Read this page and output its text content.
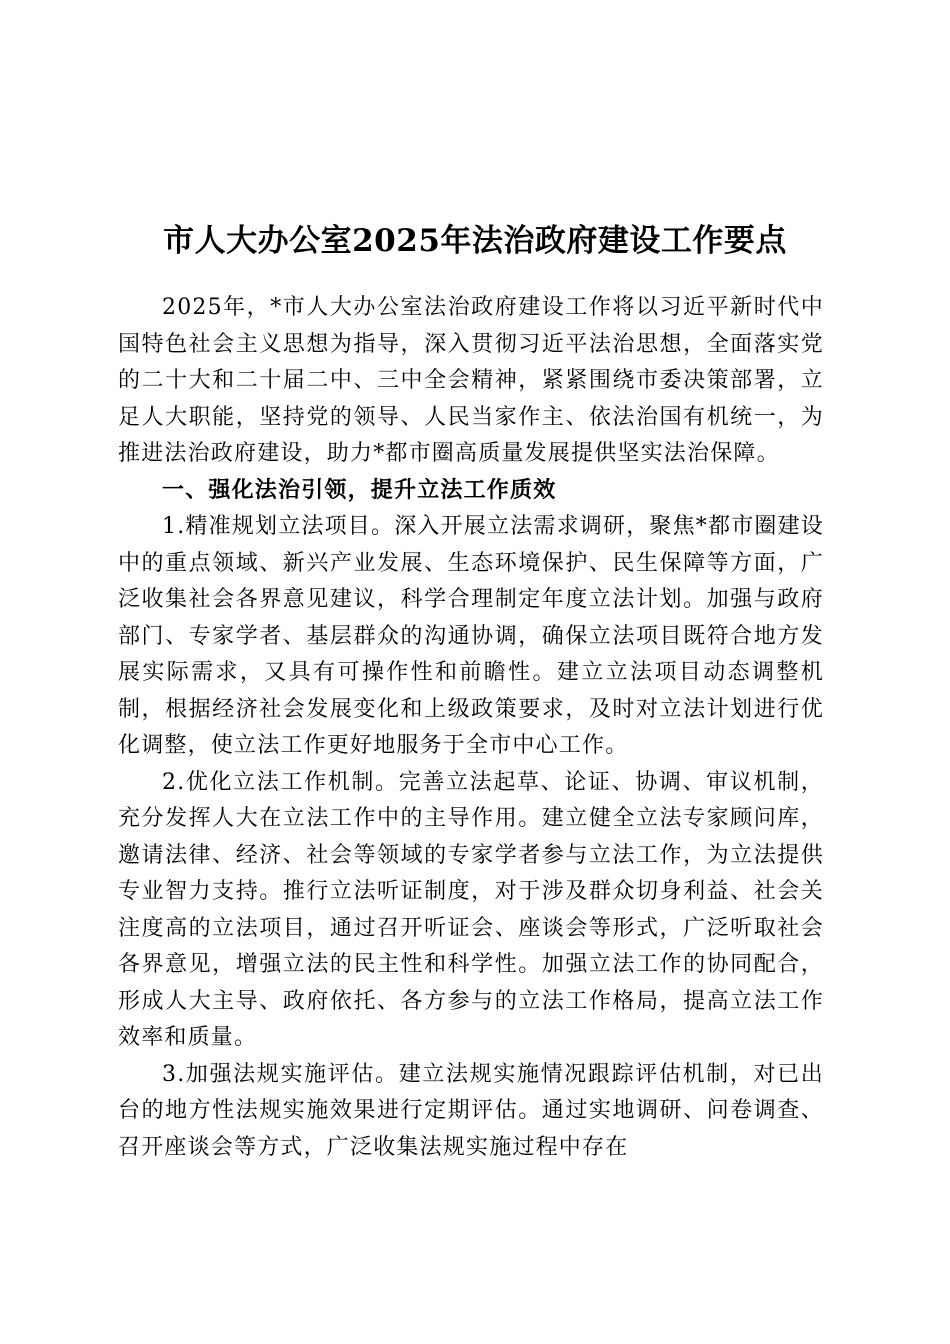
市人大办公室2025年法治政府建设工作要点

2025年，*市人大办公室法治政府建设工作将以习近平新时代中国特色社会主义思想为指导，深入贯彻习近平法治思想，全面落实党的二十大和二十届二中、三中全会精神，紧紧围绕市委决策部署，立足人大职能，坚持党的领导、人民当家作主、依法治国有机统一，为推进法治政府建设，助力*都市圈高质量发展提供坚实法治保障。

一、强化法治引领，提升立法工作质效

1.精准规划立法项目。深入开展立法需求调研，聚焦*都市圈建设中的重点领域、新兴产业发展、生态环境保护、民生保障等方面，广泛收集社会各界意见建议，科学合理制定年度立法计划。加强与政府部门、专家学者、基层群众的沟通协调，确保立法项目既符合地方发展实际需求，又具有可操作性和前瞻性。建立立法项目动态调整机制，根据经济社会发展变化和上级政策要求，及时对立法计划进行优化调整，使立法工作更好地服务于全市中心工作。

2.优化立法工作机制。完善立法起草、论证、协调、审议机制，充分发挥人大在立法工作中的主导作用。建立健全立法专家顾问库，邀请法律、经济、社会等领域的专家学者参与立法工作，为立法提供专业智力支持。推行立法听证制度，对于涉及群众切身利益、社会关注度高的立法项目，通过召开听证会、座谈会等形式，广泛听取社会各界意见，增强立法的民主性和科学性。加强立法工作的协同配合，形成人大主导、政府依托、各方参与的立法工作格局，提高立法工作效率和质量。

3.加强法规实施评估。建立法规实施情况跟踪评估机制，对已出台的地方性法规实施效果进行定期评估。通过实地调研、问卷调查、召开座谈会等方式，广泛收集法规实施过程中存在
